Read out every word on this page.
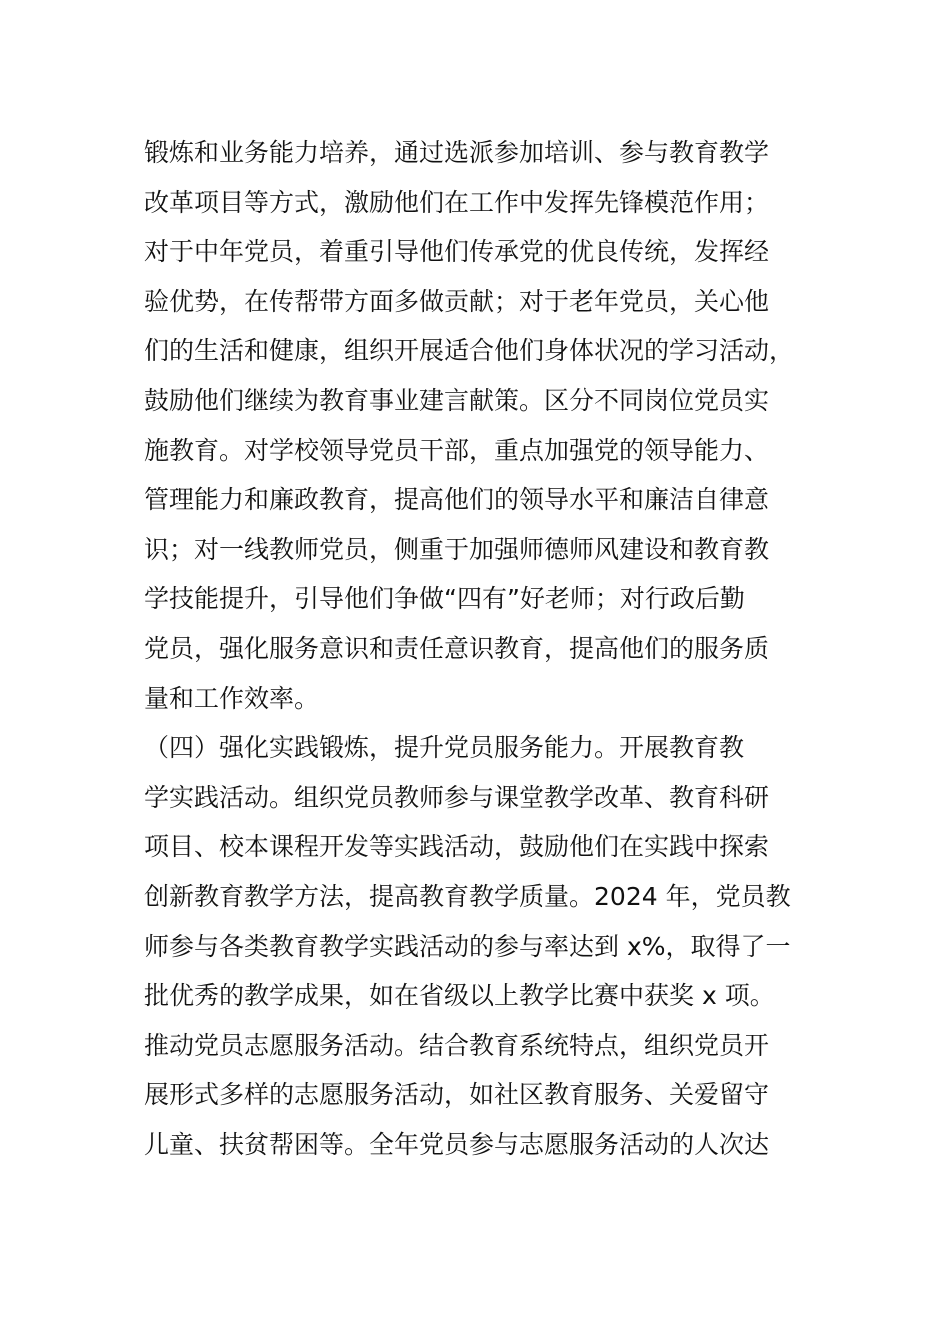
锻炼和业务能力培养，通过选派参加培训、参与教育教学
改革项目等方式，激励他们在工作中发挥先锋模范作用；
对于中年党员，着重引导他们传承党的优良传统，发挥经
验优势，在传帮带方面多做贡献；对于老年党员，关心他
们的生活和健康，组织开展适合他们身体状况的学习活动，
鼓励他们继续为教育事业建言献策。区分不同岗位党员实
施教育。对学校领导党员干部，重点加强党的领导能力、
管理能力和廉政教育，提高他们的领导水平和廉洁自律意
识；对一线教师党员，侧重于加强师德师风建设和教育教
学技能提升，引导他们争做“四有”好老师；对行政后勤
党员，强化服务意识和责任意识教育，提高他们的服务质
量和工作效率。
（四）强化实践锻炼，提升党员服务能力。开展教育教
学实践活动。组织党员教师参与课堂教学改革、教育科研
项目、校本课程开发等实践活动，鼓励他们在实践中探索
创新教育教学方法，提高教育教学质量。2024 年，党员教
师参与各类教育教学实践活动的参与率达到 x%，取得了一
批优秀的教学成果，如在省级以上教学比赛中获奖 x 项。
推动党员志愿服务活动。结合教育系统特点，组织党员开
展形式多样的志愿服务活动，如社区教育服务、关爱留守
儿童、扶贫帮困等。全年党员参与志愿服务活动的人次达
